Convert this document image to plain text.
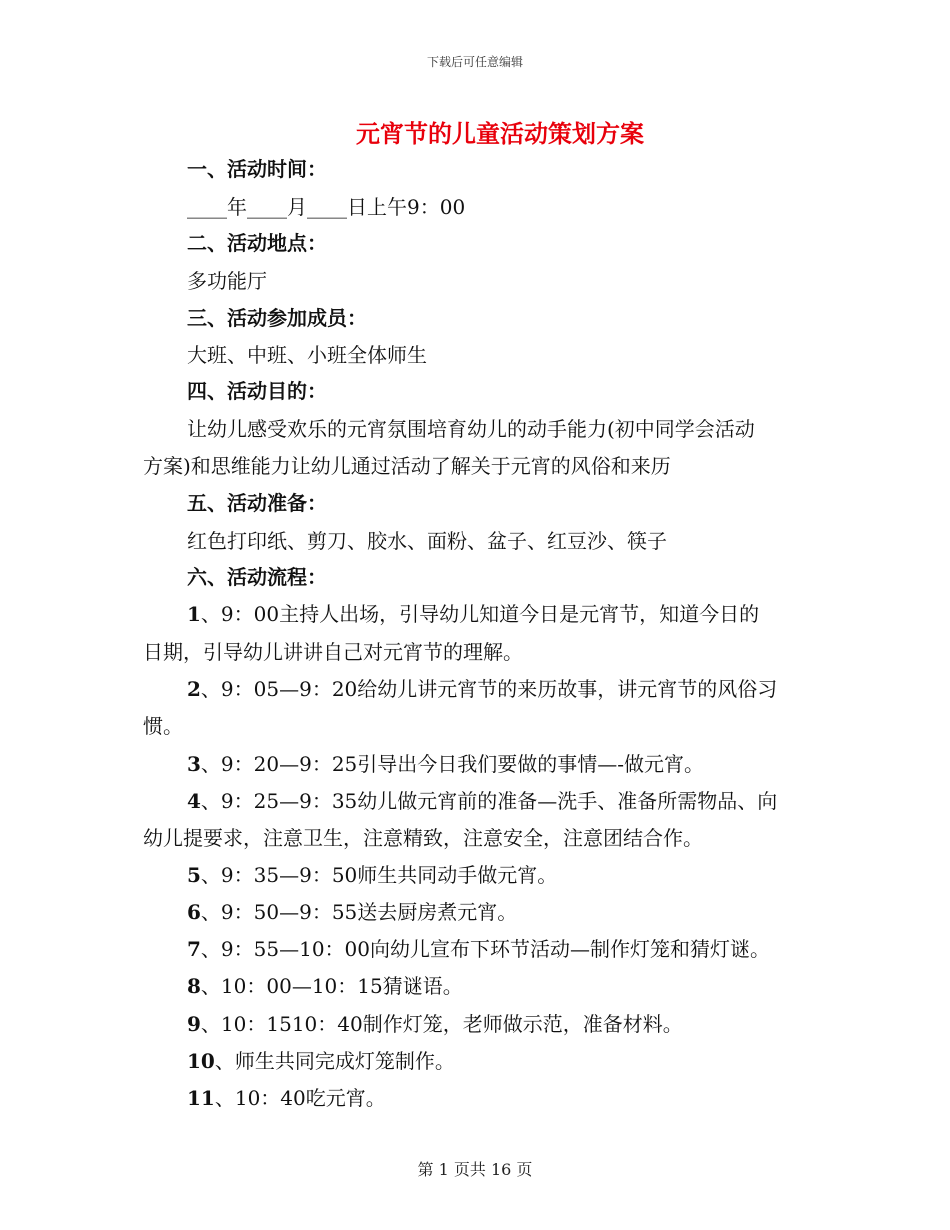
下载后可任意编辑
元宵节的儿童活动策划方案
一、活动时间：
____年____月____日上午9：00
二、活动地点：
多功能厅
三、活动参加成员：
大班、中班、小班全体师生
四、活动目的：
让幼儿感受欢乐的元宵氛围培育幼儿的动手能力(初中同学会活动
方案)和思维能力让幼儿通过活动了解关于元宵的风俗和来历
五、活动准备：
红色打印纸、剪刀、胶水、面粉、盆子、红豆沙、筷子
六、活动流程：
1、9：00主持人出场，引导幼儿知道今日是元宵节，知道今日的
日期，引导幼儿讲讲自己对元宵节的理解。
2、9：05—9：20给幼儿讲元宵节的来历故事，讲元宵节的风俗习
惯。
3、9：20—9：25引导出今日我们要做的事情—-做元宵。
4、9：25—9：35幼儿做元宵前的准备—洗手、准备所需物品、向
幼儿提要求，注意卫生，注意精致，注意安全，注意团结合作。
5、9：35—9：50师生共同动手做元宵。
6、9：50—9：55送去厨房煮元宵。
7、9：55—10：00向幼儿宣布下环节活动—制作灯笼和猜灯谜。
8、10：00—10：15猜谜语。
9、10：1510：40制作灯笼，老师做示范，准备材料。
10、师生共同完成灯笼制作。
11、10：40吃元宵。
第 1 页共 16 页
